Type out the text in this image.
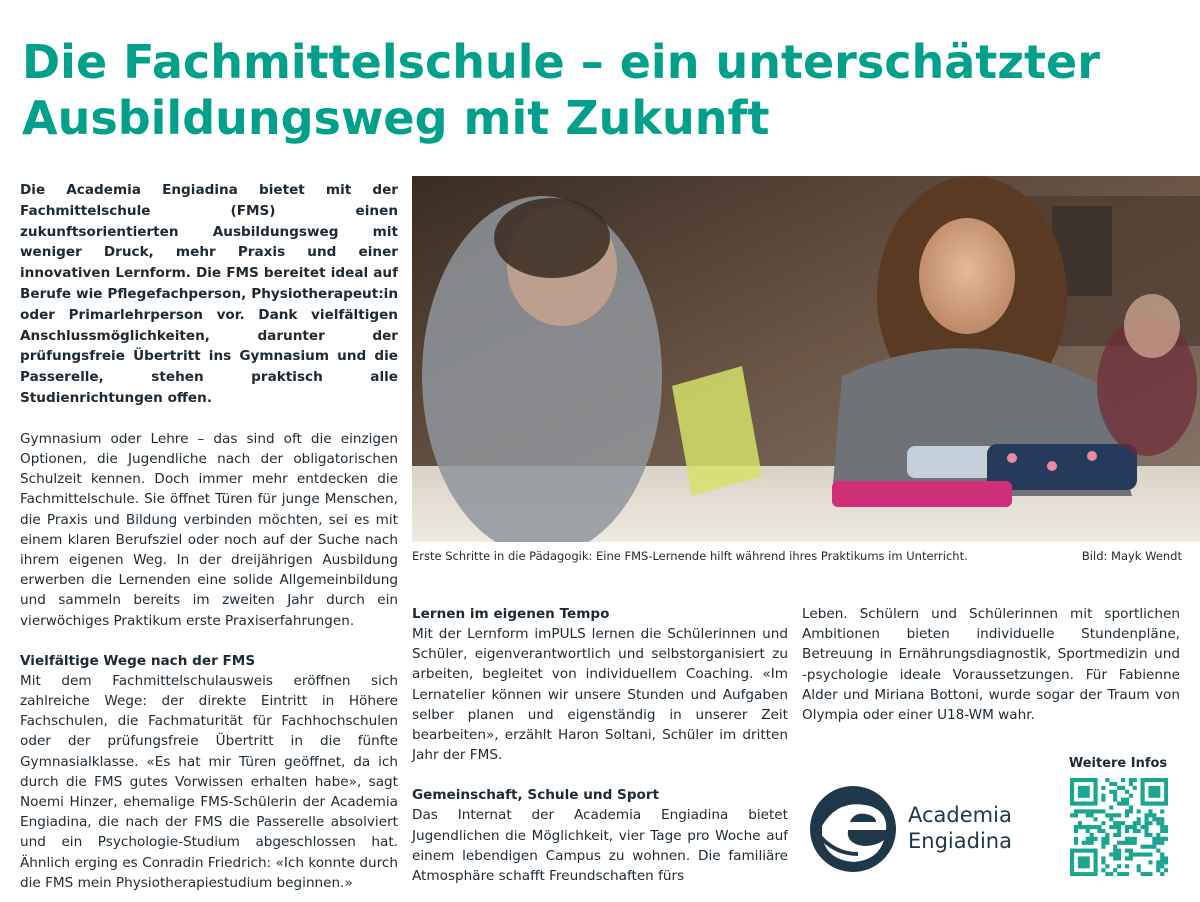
Die Fachmittelschule – ein unterschätzter
Ausbildungsweg mit Zukunft

Die Academia Engiadina bietet mit der Fachmittelschule (FMS) einen zukunftsorientierten Ausbildungsweg mit weniger Druck, mehr Praxis und einer innovativen Lernform. Die FMS bereitet ideal auf Berufe wie Pflegefachperson, Physiotherapeut:in oder Primarlehrperson vor. Dank vielfältigen Anschlussmöglichkeiten, darunter der prüfungsfreie Übertritt ins Gymnasium und die Passerelle, stehen praktisch alle Studienrichtungen offen.

Gymnasium oder Lehre – das sind oft die einzigen Optionen, die Jugendliche nach der obligatorischen Schulzeit kennen. Doch immer mehr entdecken die Fachmittelschule. Sie öffnet Türen für junge Menschen, die Praxis und Bildung verbinden möchten, sei es mit einem klaren Berufsziel oder noch auf der Suche nach ihrem eigenen Weg. In der dreijährigen Ausbildung erwerben die Lernenden eine solide Allgemeinbildung und sammeln bereits im zweiten Jahr durch ein vierwöchiges Praktikum erste Praxiserfahrungen.

Vielfältige Wege nach der FMS

Mit dem Fachmittelschulausweis eröffnen sich zahlreiche Wege: der direkte Eintritt in Höhere Fachschulen, die Fachmaturität für Fachhochschulen oder der prüfungsfreie Übertritt in die fünfte Gymnasialklasse. «Es hat mir Türen geöffnet, da ich durch die FMS gutes Vorwissen erhalten habe», sagt Noemi Hinzer, ehemalige FMS-Schülerin der Academia Engiadina, die nach der FMS die Passerelle absolviert und ein Psychologie-Studium abgeschlossen hat. Ähnlich erging es Conradin Friedrich: «Ich konnte durch die FMS mein Physiotherapiestudium beginnen.»

Erste Schritte in die Pädagogik: Eine FMS-Lernende hilft während ihres Praktikums im Unterricht.	Bild: Mayk Wendt

Lernen im eigenen Tempo

Mit der Lernform imPULS lernen die Schülerinnen und Schüler, eigenverantwortlich und selbstorganisiert zu arbeiten, begleitet von individuellem Coaching. «Im Lernatelier können wir unsere Stunden und Aufgaben selber planen und eigenständig in unserer Zeit bearbeiten», erzählt Haron Soltani, Schüler im dritten Jahr der FMS.

Gemeinschaft, Schule und Sport

Das Internat der Academia Engiadina bietet Jugendlichen die Möglichkeit, vier Tage pro Woche auf einem lebendigen Campus zu wohnen. Die familiäre Atmosphäre schafft Freundschaften fürs

Leben. Schülern und Schülerinnen mit sportlichen Ambitionen bieten individuelle Stundenpläne, Betreuung in Ernährungsdiagnostik, Sportmedizin und -psychologie ideale Voraussetzungen. Für Fabienne Alder und Miriana Bottoni, wurde sogar der Traum von Olympia oder einer U18-WM wahr.

Academia
Engiadina
Weitere Infos
